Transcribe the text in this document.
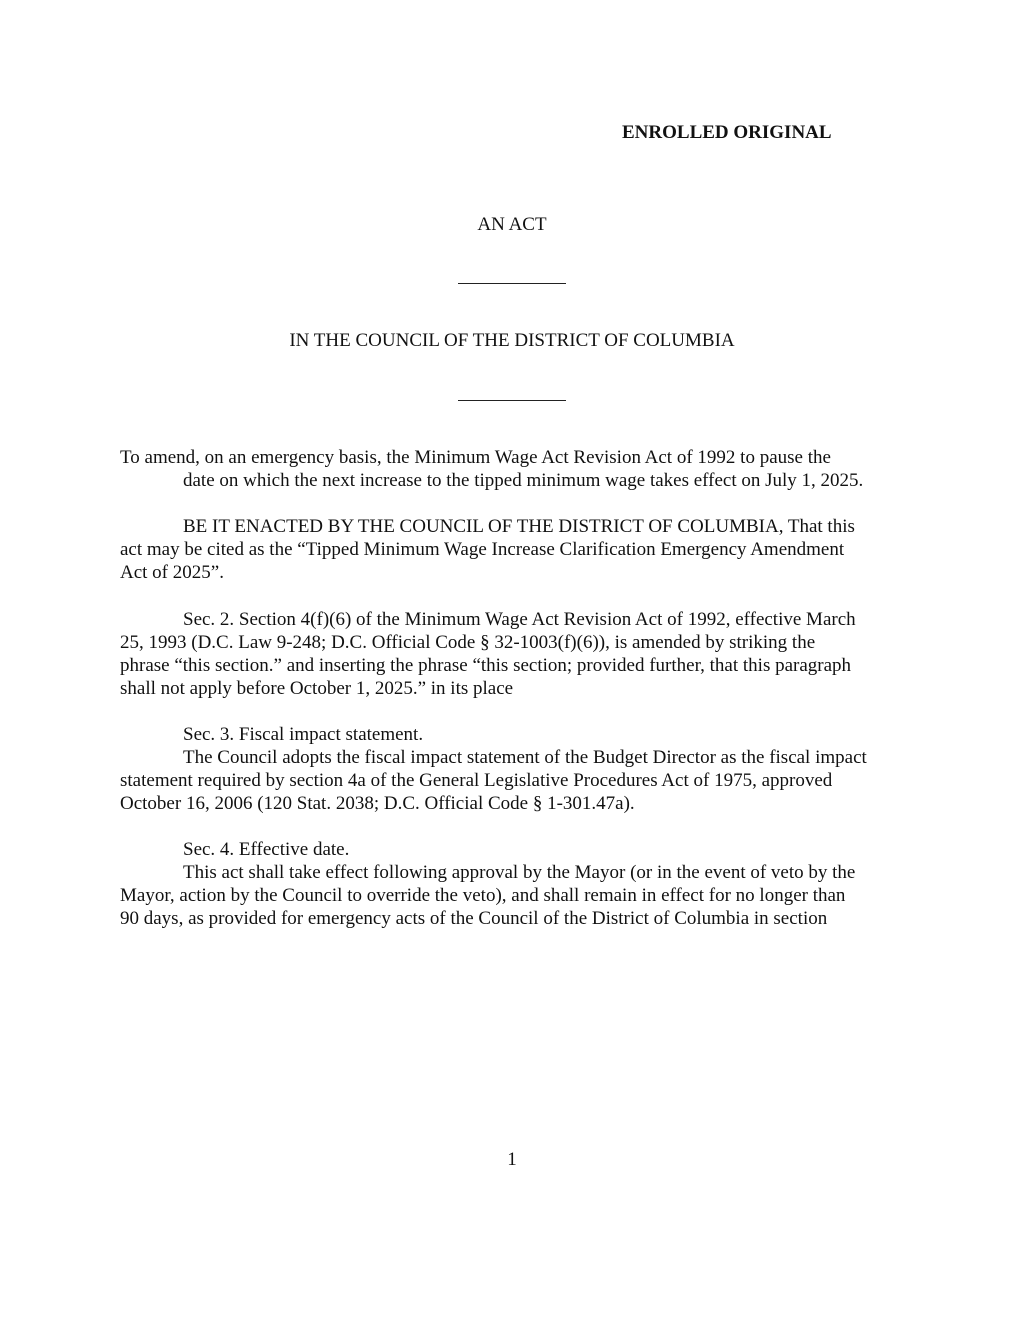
ENROLLED ORIGINAL
AN ACT
IN THE COUNCIL OF THE DISTRICT OF COLUMBIA
To amend, on an emergency basis, the Minimum Wage Act Revision Act of 1992 to pause the
date on which the next increase to the tipped minimum wage takes effect on July 1, 2025.
BE IT ENACTED BY THE COUNCIL OF THE DISTRICT OF COLUMBIA, That this
act may be cited as the “Tipped Minimum Wage Increase Clarification Emergency Amendment
Act of 2025”.
Sec. 2. Section 4(f)(6) of the Minimum Wage Act Revision Act of 1992, effective March
25, 1993 (D.C. Law 9-248; D.C. Official Code § 32-1003(f)(6)), is amended by striking the
phrase “this section.” and inserting the phrase “this section; provided further, that this paragraph
shall not apply before October 1, 2025.” in its place
Sec. 3. Fiscal impact statement.
The Council adopts the fiscal impact statement of the Budget Director as the fiscal impact
statement required by section 4a of the General Legislative Procedures Act of 1975, approved
October 16, 2006 (120 Stat. 2038; D.C. Official Code § 1-301.47a).
Sec. 4. Effective date.
This act shall take effect following approval by the Mayor (or in the event of veto by the
Mayor, action by the Council to override the veto), and shall remain in effect for no longer than
90 days, as provided for emergency acts of the Council of the District of Columbia in section
1
